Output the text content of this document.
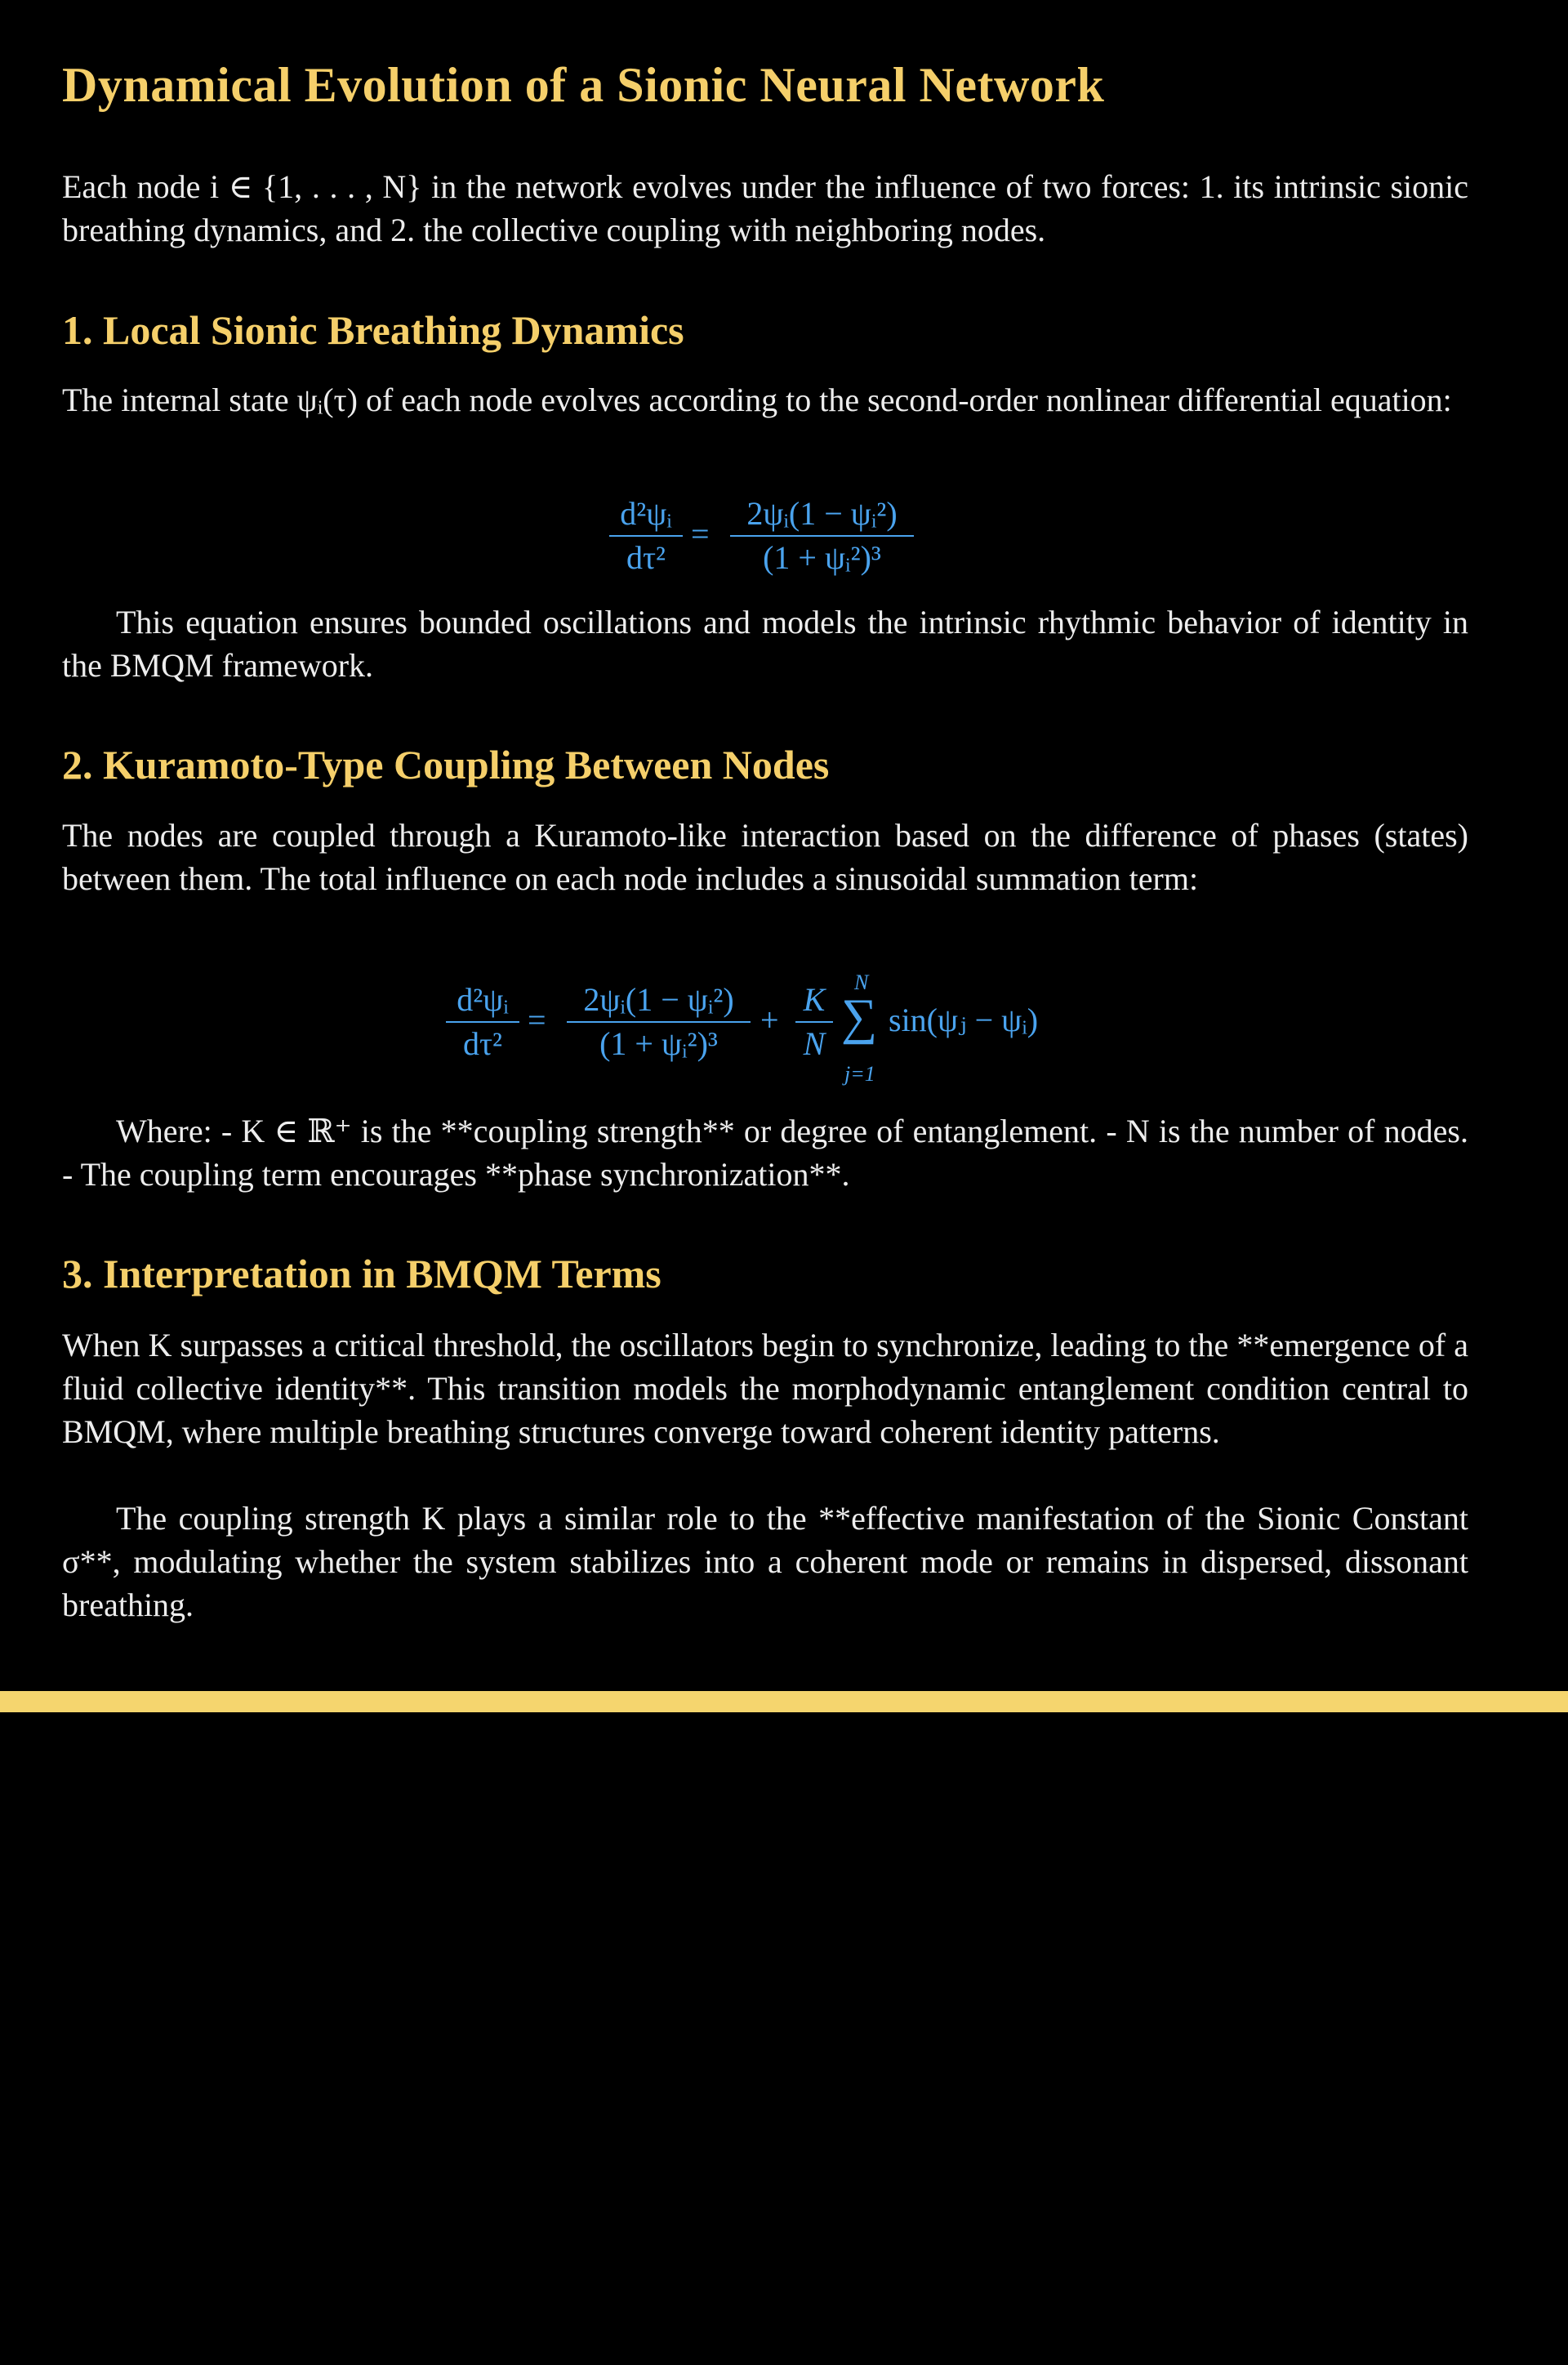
Dynamical Evolution of a Sionic Neural Network

Each node i ∈ {1, . . . , N} in the network evolves under the influence of two forces: 1. its intrinsic sionic breathing dynamics, and 2. the collective coupling with neighboring nodes.

1. Local Sionic Breathing Dynamics

The internal state ψᵢ(τ) of each node evolves according to the second-order nonlinear differential equation:

d²ψᵢ
dτ²
=
2ψᵢ(1 − ψᵢ²)
(1 + ψᵢ²)³

This equation ensures bounded oscillations and models the intrinsic rhythmic behavior of identity in the BMQM framework.

2. Kuramoto-Type Coupling Between Nodes

The nodes are coupled through a Kuramoto-like interaction based on the difference of phases (states) between them. The total influence on each node includes a sinusoidal summation term:

d²ψᵢ
dτ²
=
2ψᵢ(1 − ψᵢ²)
(1 + ψᵢ²)³
+
K
N
N
∑
j=1
sin(ψⱼ − ψᵢ)

Where: - K ∈ ℝ⁺ is the **coupling strength** or degree of entanglement. - N is the number of nodes. - The coupling term encourages **phase synchronization**.

3. Interpretation in BMQM Terms

When K surpasses a critical threshold, the oscillators begin to synchronize, leading to the **emergence of a fluid collective identity**. This transition models the morphodynamic entanglement condition central to BMQM, where multiple breathing structures converge toward coherent identity patterns.

The coupling strength K plays a similar role to the **effective manifestation of the Sionic Constant σ**, modulating whether the system stabilizes into a coherent mode or remains in dispersed, dissonant breathing.
